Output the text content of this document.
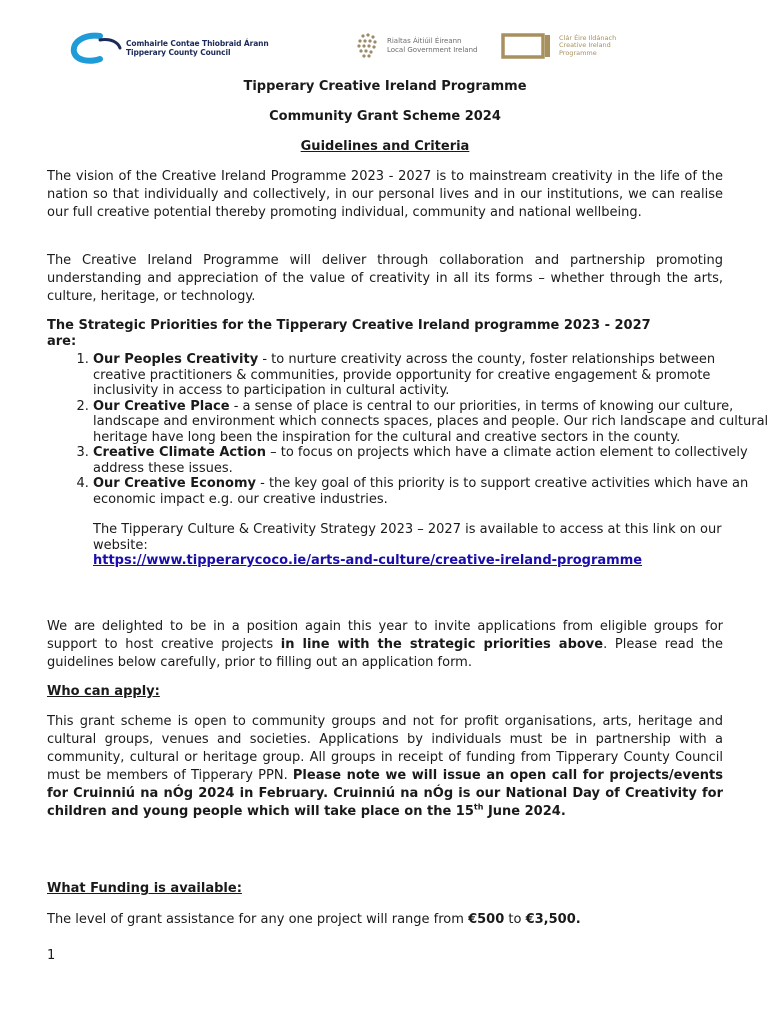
Comhairle Contae Thiobraid Árann
Tipperary County Council
Rialtas Áitiúil Éireann
Local Government Ireland
Clár Éire Ildánach
Creative Ireland
Programme
Tipperary Creative Ireland Programme
Community Grant Scheme 2024
Guidelines and Criteria

The vision of the Creative Ireland Programme 2023 - 2027 is to mainstream creativity in the life of the nation so that individually and collectively, in our personal lives and in our institutions, we can realise our full creative potential thereby promoting individual, community and national wellbeing.

The Creative Ireland Programme will deliver through collaboration and partnership promoting understanding and appreciation of the value of creativity in all its forms – whether through the arts, culture, heritage, or technology.

The Strategic Priorities for the Tipperary Creative Ireland programme 2023 - 2027 are:
1. Our Peoples Creativity - to nurture creativity across the county, foster relationships between creative practitioners & communities, provide opportunity for creative engagement & promote inclusivity in access to participation in cultural activity.
2. Our Creative Place - a sense of place is central to our priorities, in terms of knowing our culture, landscape and environment which connects spaces, places and people. Our rich landscape and cultural heritage have long been the inspiration for the cultural and creative sectors in the county.
3. Creative Climate Action – to focus on projects which have a climate action element to collectively address these issues.
4. Our Creative Economy - the key goal of this priority is to support creative activities which have an economic impact e.g. our creative industries.
The Tipperary Culture & Creativity Strategy 2023 – 2027 is available to access at this link on our website:
https://www.tipperarycoco.ie/arts-and-culture/creative-ireland-programme

We are delighted to be in a position again this year to invite applications from eligible groups for support to host creative projects in line with the strategic priorities above. Please read the guidelines below carefully, prior to filling out an application form.

Who can apply:

This grant scheme is open to community groups and not for profit organisations, arts, heritage and cultural groups, venues and societies. Applications by individuals must be in partnership with a community, cultural or heritage group. All groups in receipt of funding from Tipperary County Council must be members of Tipperary PPN. Please note we will issue an open call for projects/events for Cruinniú na nÓg 2024 in February. Cruinniú na nÓg is our National Day of Creativity for children and young people which will take place on the 15th June 2024.

What Funding is available:

The level of grant assistance for any one project will range from €500 to €3,500.

1
